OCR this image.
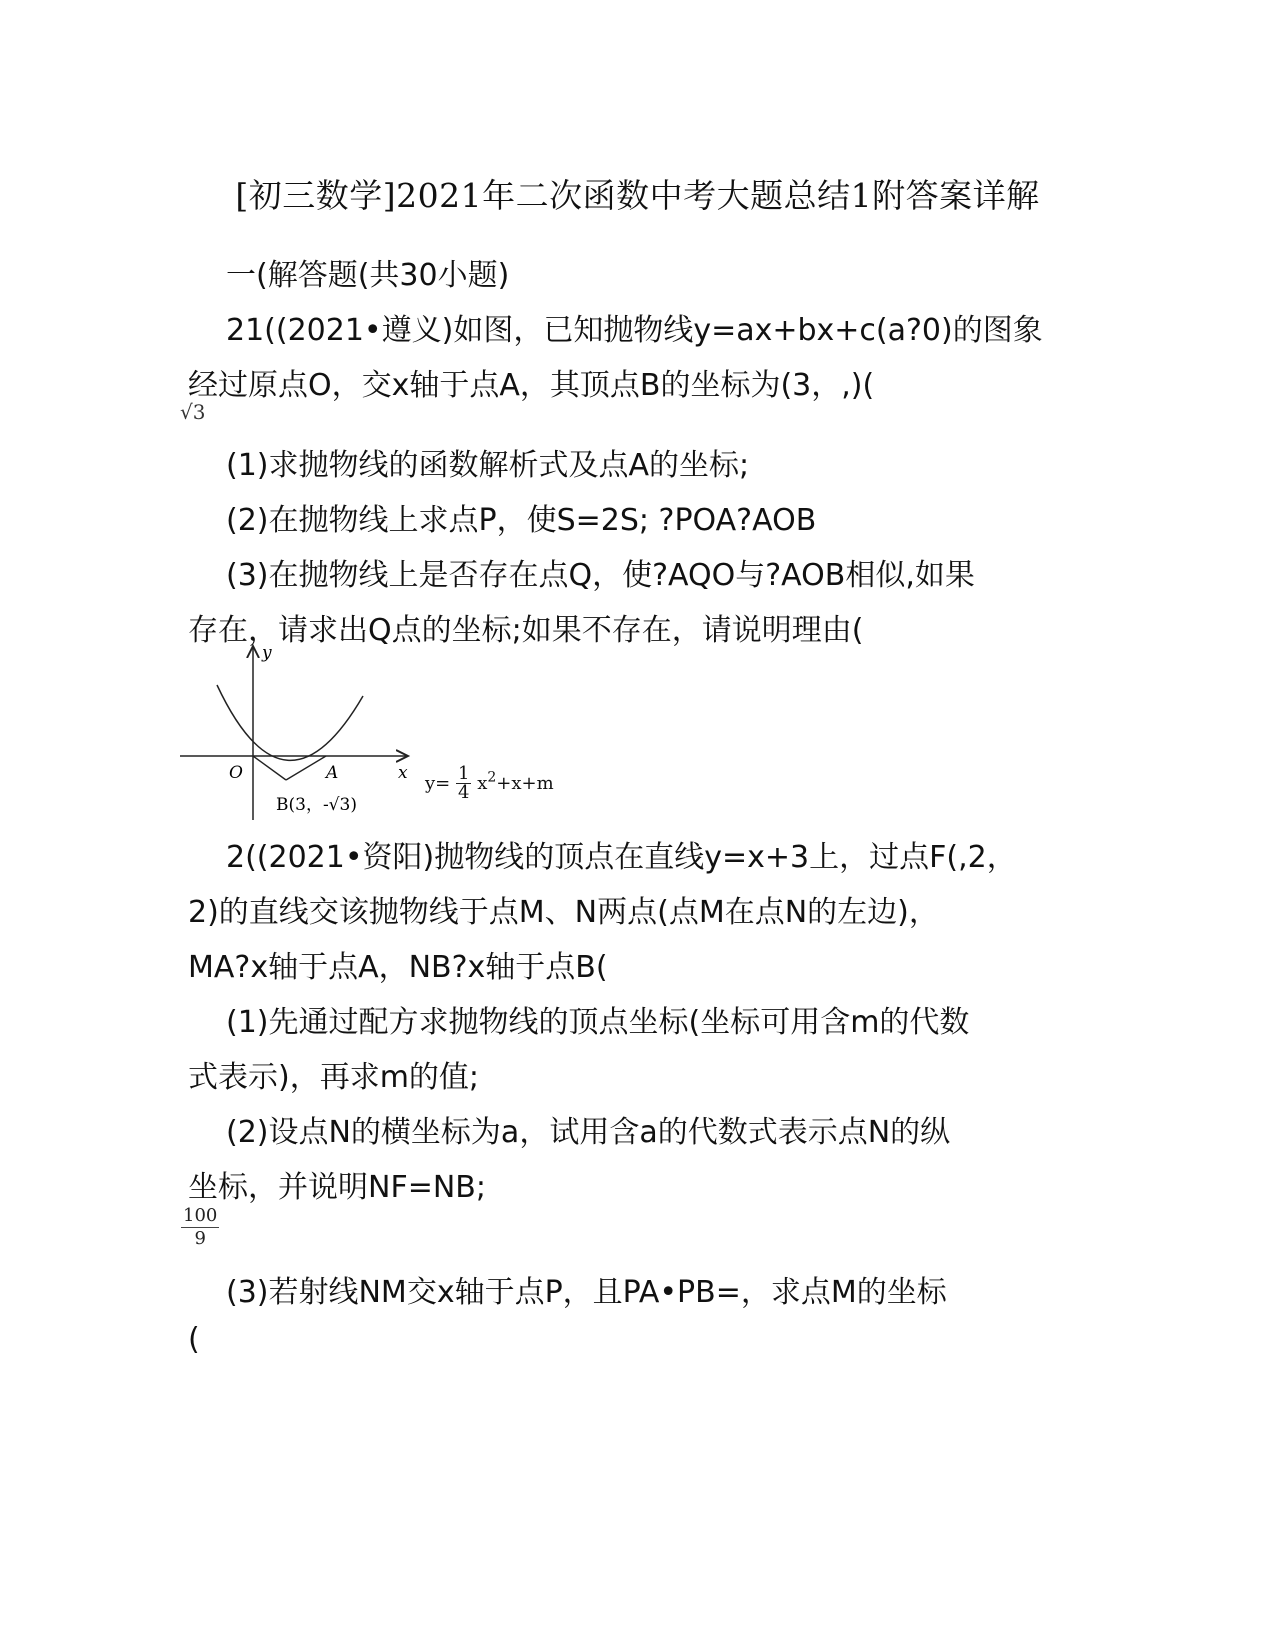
[初三数学]2021年二次函数中考大题总结1附答案详解
一(解答题(共30小题)
21((2021•遵义)如图，已知抛物线y=ax+bx+c(a?0)的图象
经过原点O，交x轴于点A，其顶点B的坐标为(3，,)(
√3
(1)求抛物线的函数解析式及点A的坐标;
(2)在抛物线上求点P，使S=2S; ?POA?AOB
(3)在抛物线上是否存在点Q，使?AQO与?AOB相似,如果
存在，请求出Q点的坐标;如果不存在，请说明理由(
y
x
O	A
B(3，-√3)
$y= \frac{1}{4} x^2+x+m$
2((2021•资阳)抛物线的顶点在直线y=x+3上，过点F(,2，
2)的直线交该抛物线于点M、N两点(点M在点N的左边)，
MA?x轴于点A，NB?x轴于点B(
(1)先通过配方求抛物线的顶点坐标(坐标可用含m的代数
式表示)，再求m的值;
(2)设点N的横坐标为a，试用含a的代数式表示点N的纵
坐标，并说明NF=NB;
$\frac{100}{9}$
(3)若射线NM交x轴于点P，且PA•PB=，求点M的坐标
(
